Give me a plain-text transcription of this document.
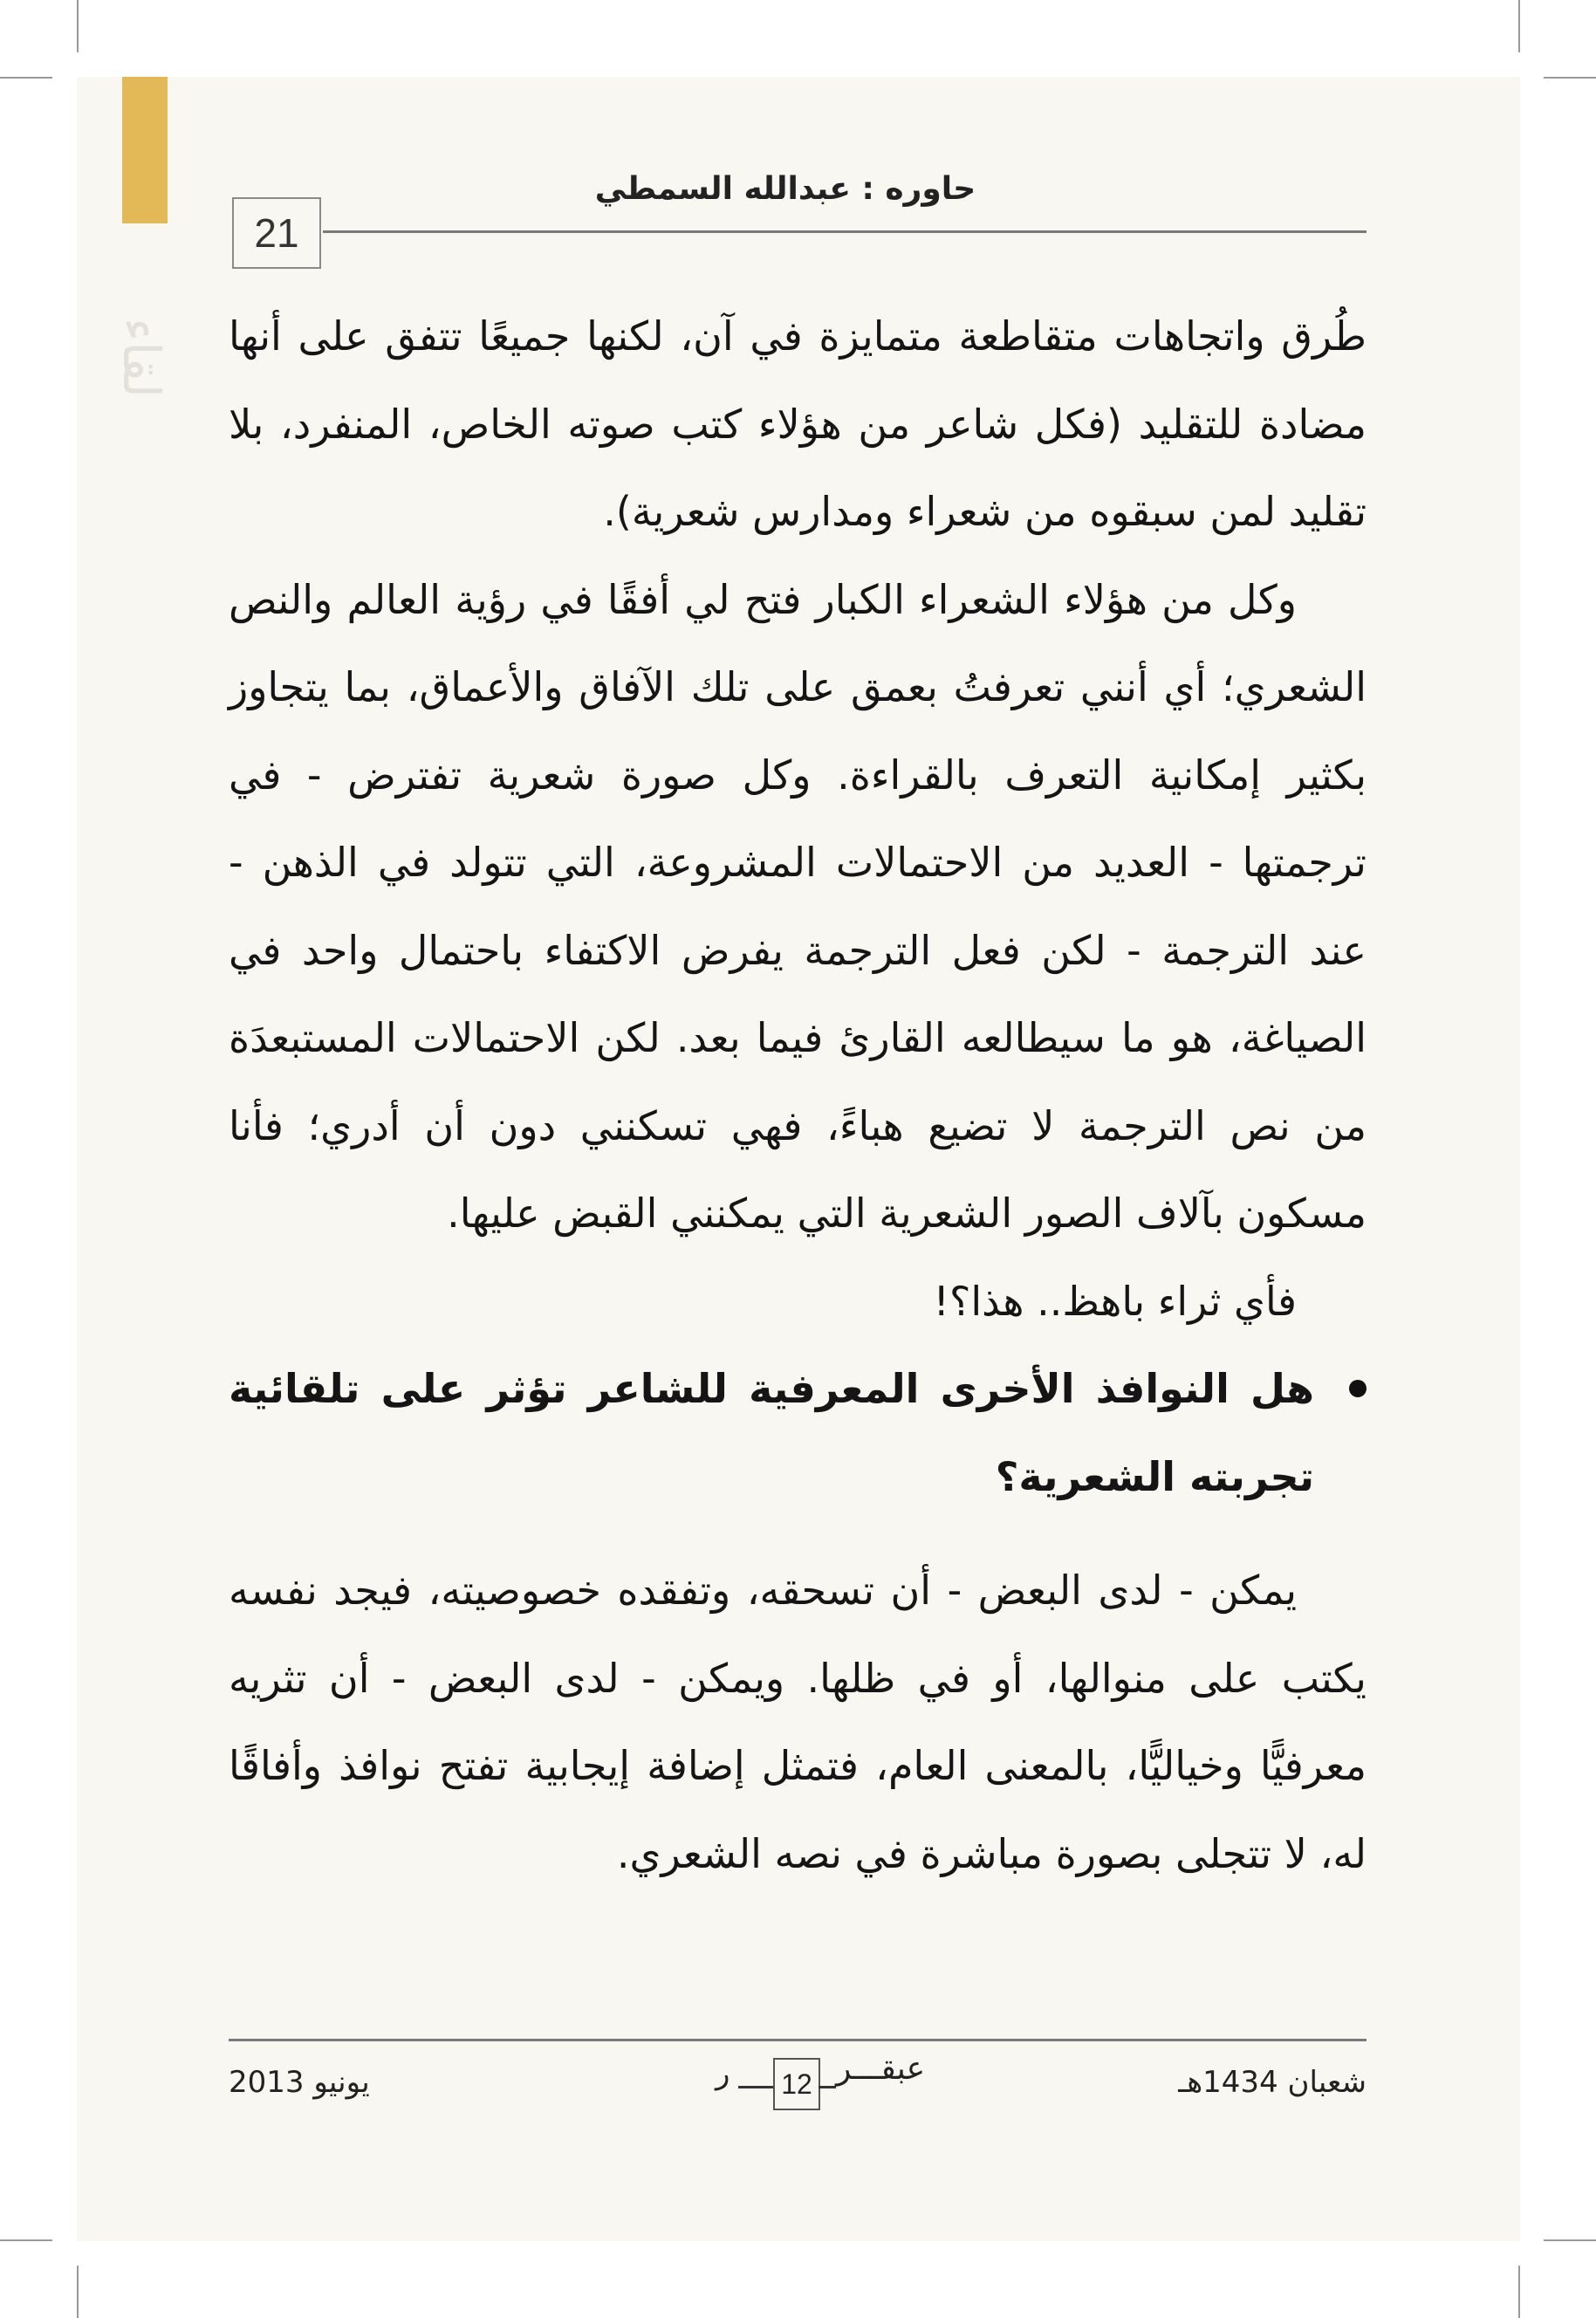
لقاء
21
حاوره : عبدالله السمطي

طُرق واتجاهات متقاطعة متمايزة في آن، لكنها جميعًا تتفق على أنها مضادة للتقليد (فكل شاعر من هؤلاء كتب صوته الخاص، المنفرد، بلا تقليد لمن سبقوه من شعراء ومدارس شعرية).

وكل من هؤلاء الشعراء الكبار فتح لي أفقًا في رؤية العالم والنص الشعري؛ أي أنني تعرفتُ بعمق على تلك الآفاق والأعماق، بما يتجاوز بكثير إمكانية التعرف بالقراءة. وكل صورة شعرية تفترض - في ترجمتها - العديد من الاحتمالات المشروعة، التي تتولد في الذهن - عند الترجمة - لكن فعل الترجمة يفرض الاكتفاء باحتمال واحد في الصياغة، هو ما سيطالعه القارئ فيما بعد. لكن الاحتمالات المستبعدَة من نص الترجمة لا تضيع هباءً، فهي تسكنني دون أن أدري؛ فأنا مسكون بآلاف الصور الشعرية التي يمكنني القبض عليها.

فأي ثراء باهظ.. هذا؟!

هل النوافذ الأخرى المعرفية للشاعر تؤثر على تلقائية تجربته الشعرية؟

يمكن - لدى البعض - أن تسحقه، وتفقده خصوصيته، فيجد نفسه يكتب على منوالها، أو في ظلها. ويمكن - لدى البعض - أن تثريه معرفيًّا وخياليًّا، بالمعنى العام، فتمثل إضافة إيجابية تفتح نوافذ وأفاقًا له، لا تتجلى بصورة مباشرة في نصه الشعري.

يونيو 2013	ر 12 عبقـــر	شعبان 1434هـ
